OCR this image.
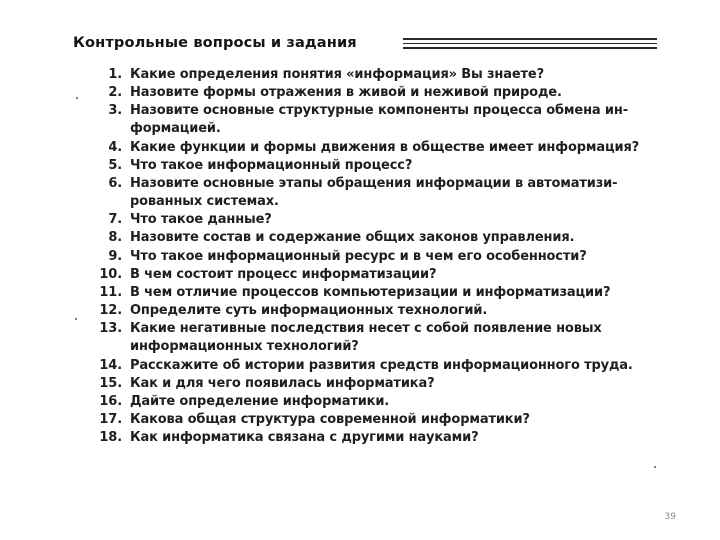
Контрольные вопросы и задания
1. Какие определения понятия «информация» Вы знаете?
2. Назовите формы отражения в живой и неживой природе.
3. Назовите основные структурные компоненты процесса обмена ин-
формацией.
4. Какие функции и формы движения в обществе имеет информация?
5. Что такое информационный процесс?
6. Назовите основные этапы обращения информации в автоматизи-
рованных системах.
7. Что такое данные?
8. Назовите состав и содержание общих законов управления.
9. Что такое информационный ресурс и в чем его особенности?
10. В чем состоит процесс информатизации?
11. В чем отличие процессов компьютеризации и информатизации?
12. Определите суть информационных технологий.
13. Какие негативные последствия несет с собой появление новых
информационных технологий?
14. Расскажите об истории развития средств информационного труда.
15. Как и для чего появилась информатика?
16. Дайте определение информатики.
17. Какова общая структура современной информатики?
18. Как информатика связана с другими науками?
39
